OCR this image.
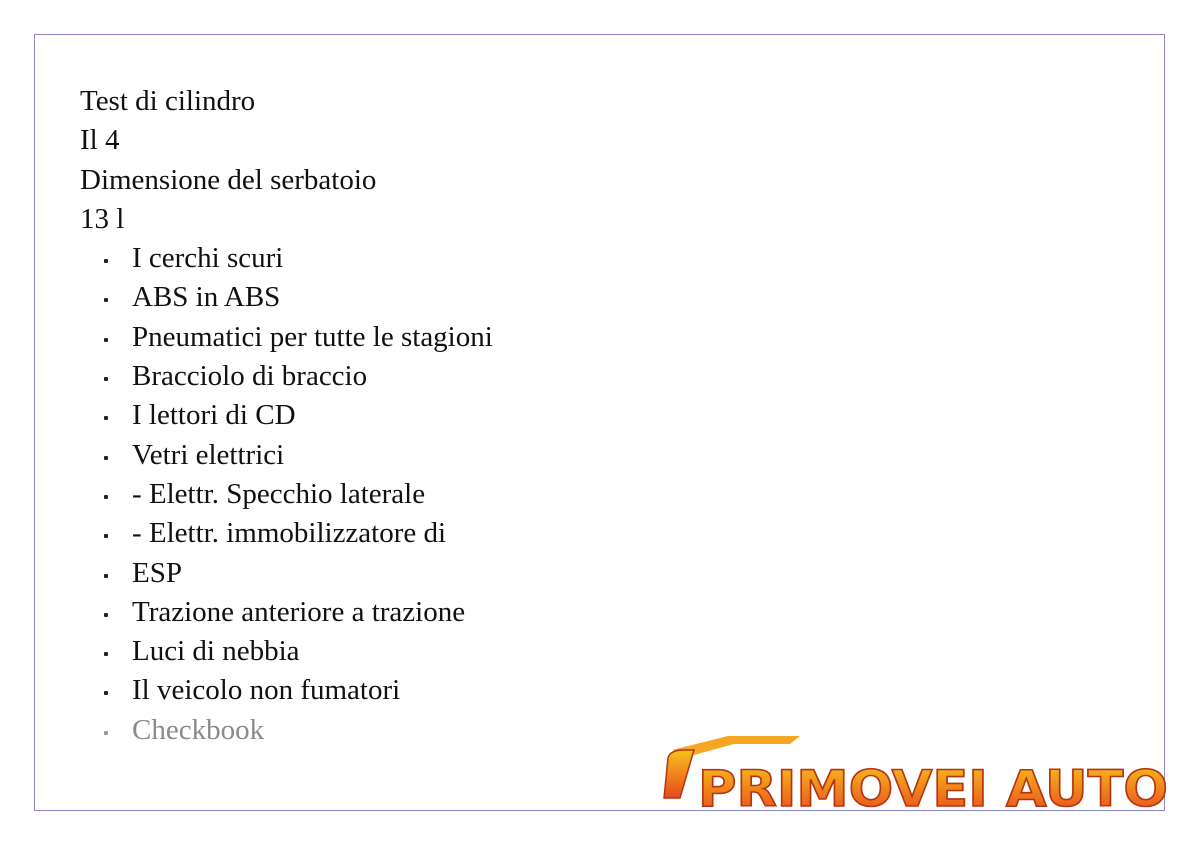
Test di cilindro
Il 4
Dimensione del serbatoio
13 l
I cerchi scuri
ABS in ABS
Pneumatici per tutte le stagioni
Bracciolo di braccio
I lettori di CD
Vetri elettrici
- Elettr. Specchio laterale
- Elettr. immobilizzatore di
ESP
Trazione anteriore a trazione
Luci di nebbia
Il veicolo non fumatori
Checkbook
PRIMOVEI AUTO
